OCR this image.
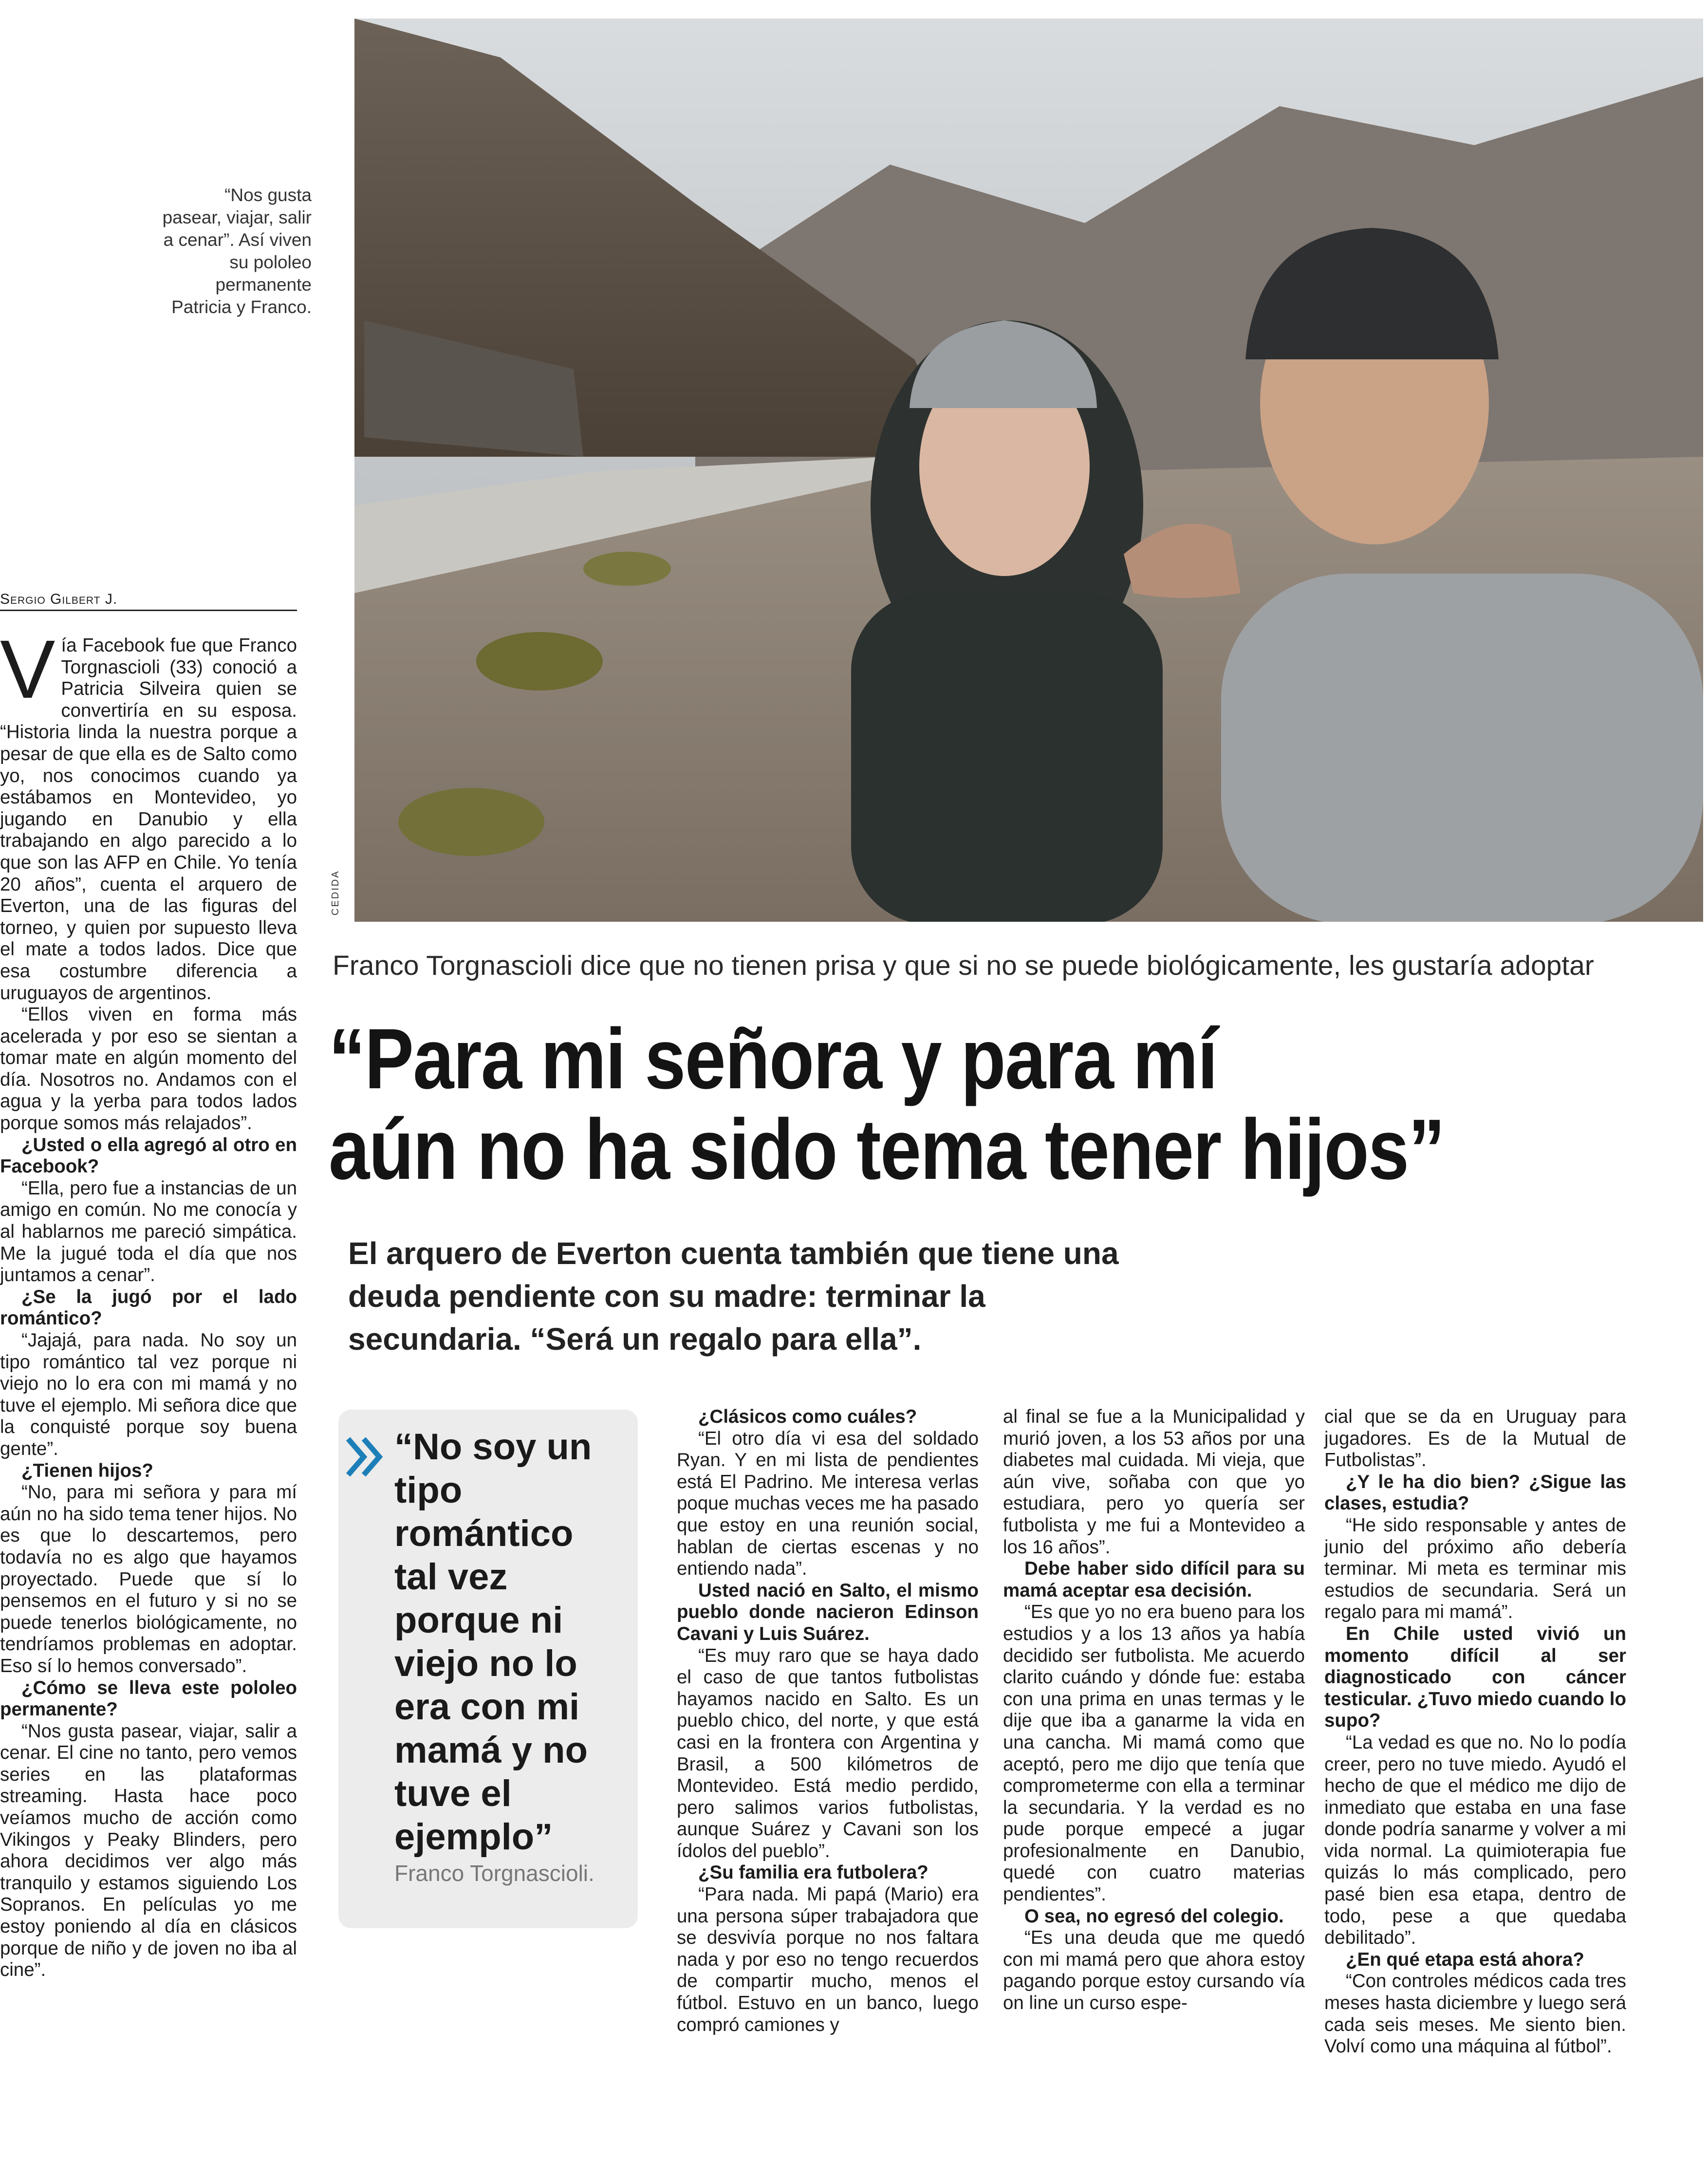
“Nos gusta pasear, viajar, salir a cenar”. Así viven su pololeo permanente Patricia y Franco.
CEDIDA
Franco Torgnascioli dice que no tienen prisa y que si no se puede biológicamente, les gustaría adoptar
“Para mi señora y para mí
aún no ha sido tema tener hijos”
El arquero de Everton cuenta también que tiene una
deuda pendiente con su madre: terminar la
secundaria. “Será un regalo para ella”.
Sergio Gilbert J.

Vía Facebook fue que Franco Torgnascioli (33) conoció a Patricia Silveira quien se convertiría en su esposa. “Historia linda la nuestra porque a pesar de que ella es de Salto como yo, nos conocimos cuando ya estábamos en Montevideo, yo jugando en Danubio y ella trabajando en algo parecido a lo que son las AFP en Chile. Yo tenía 20 años”, cuenta el arquero de Everton, una de las figuras del torneo, y quien por supuesto lleva el mate a todos lados. Dice que esa costumbre diferencia a uruguayos de argentinos.

“Ellos viven en forma más acelerada y por eso se sientan a tomar mate en algún momento del día. Nosotros no. Andamos con el agua y la yerba para todos lados porque somos más relajados”.

¿Usted o ella agregó al otro en Facebook?

“Ella, pero fue a instancias de un amigo en común. No me conocía y al hablarnos me pareció simpática. Me la jugué toda el día que nos juntamos a cenar”.

¿Se la jugó por el lado romántico?

“Jajajá, para nada. No soy un tipo romántico tal vez porque ni viejo no lo era con mi mamá y no tuve el ejemplo. Mi señora dice que la conquisté porque soy buena gente”.

¿Tienen hijos?

“No, para mi señora y para mí aún no ha sido tema tener hijos. No es que lo descartemos, pero todavía no es algo que hayamos proyectado. Puede que sí lo pensemos en el futuro y si no se puede tenerlos biológicamente, no tendríamos problemas en adoptar. Eso sí lo hemos conversado”.

¿Cómo se lleva este pololeo permanente?

“Nos gusta pasear, viajar, salir a cenar. El cine no tanto, pero vemos series en las plataformas streaming. Hasta hace poco veíamos mucho de acción como Vikingos y Peaky Blinders, pero ahora decidimos ver algo más tranquilo y estamos siguiendo Los Sopranos. En películas yo me estoy poniendo al día en clásicos porque de niño y de joven no iba al cine”.

“No soy un tipo romántico tal vez porque ni viejo no lo era con mi mamá y no tuve el ejemplo”
Franco Torgnascioli.

¿Clásicos como cuáles?

“El otro día vi esa del soldado Ryan. Y en mi lista de pendientes está El Padrino. Me interesa verlas poque muchas veces me ha pasado que estoy en una reunión social, hablan de ciertas escenas y no entiendo nada”.

Usted nació en Salto, el mismo pueblo donde nacieron Edinson Cavani y Luis Suárez.

“Es muy raro que se haya dado el caso de que tantos futbolistas hayamos nacido en Salto. Es un pueblo chico, del norte, y que está casi en la frontera con Argentina y Brasil, a 500 kilómetros de Montevideo. Está medio perdido, pero salimos varios futbolistas, aunque Suárez y Cavani son los ídolos del pueblo”.

¿Su familia era futbolera?

“Para nada. Mi papá (Mario) era una persona súper trabajadora que se desvivía porque no nos faltara nada y por eso no tengo recuerdos de compartir mucho, menos el fútbol. Estuvo en un banco, luego compró camiones y

al final se fue a la Municipalidad y murió joven, a los 53 años por una diabetes mal cuidada. Mi vieja, que aún vive, soñaba con que yo estudiara, pero yo quería ser futbolista y me fui a Montevideo a los 16 años”.

Debe haber sido difícil para su mamá aceptar esa decisión.

“Es que yo no era bueno para los estudios y a los 13 años ya había decidido ser futbolista. Me acuerdo clarito cuándo y dónde fue: estaba con una prima en unas termas y le dije que iba a ganarme la vida en una cancha. Mi mamá como que aceptó, pero me dijo que tenía que comprometerme con ella a terminar la secundaria. Y la verdad es no pude porque empecé a jugar profesionalmente en Danubio, quedé con cuatro materias pendientes”.

O sea, no egresó del colegio.

“Es una deuda que me quedó con mi mamá pero que ahora estoy pagando porque estoy cursando vía on line un curso espe-

cial que se da en Uruguay para jugadores. Es de la Mutual de Futbolistas”.

¿Y le ha dio bien? ¿Sigue las clases, estudia?

“He sido responsable y antes de junio del próximo año debería terminar. Mi meta es terminar mis estudios de secundaria. Será un regalo para mi mamá”.

En Chile usted vivió un momento difícil al ser diagnosticado con cáncer testicular. ¿Tuvo miedo cuando lo supo?

“La vedad es que no. No lo podía creer, pero no tuve miedo. Ayudó el hecho de que el médico me dijo de inmediato que estaba en una fase donde podría sanarme y volver a mi vida normal. La quimioterapia fue quizás lo más complicado, pero pasé bien esa etapa, dentro de todo, pese a que quedaba debilitado”.

¿En qué etapa está ahora?

“Con controles médicos cada tres meses hasta diciembre y luego será cada seis meses. Me siento bien. Volví como una máquina al fútbol”.
